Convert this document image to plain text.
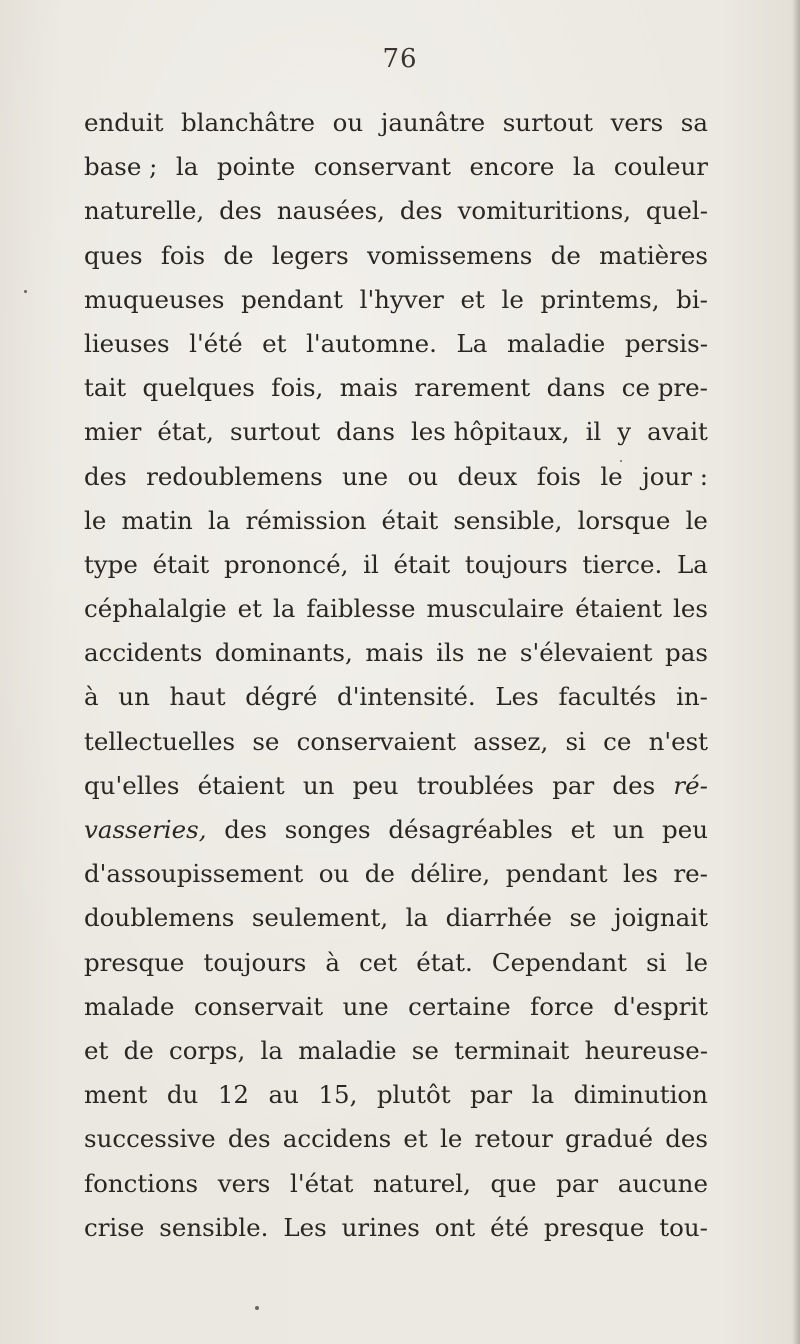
76
enduit blanchâtre ou jaunâtre surtout vers sa
base ; la pointe conservant encore la couleur
naturelle, des nausées, des vomituritions, quel-
ques fois de legers vomissemens de matières
muqueuses pendant l'hyver et le printems, bi-
lieuses l'été et l'automne. La maladie persis-
tait quelques fois, mais rarement dans ce pre-
mier état, surtout dans les hôpitaux, il y avait
des redoublemens une ou deux fois le jour :
le matin la rémission était sensible, lorsque le
type était prononcé, il était toujours tierce. La
céphalalgie et la faiblesse musculaire étaient les
accidents dominants, mais ils ne s'élevaient pas
à un haut dégré d'intensité. Les facultés in-
tellectuelles se conservaient assez, si ce n'est
qu'elles étaient un peu troublées par des ré-
vasseries, des songes désagréables et un peu
d'assoupissement ou de délire, pendant les re-
doublemens seulement, la diarrhée se joignait
presque toujours à cet état. Cependant si le
malade conservait une certaine force d'esprit
et de corps, la maladie se terminait heureuse-
ment du 12 au 15, plutôt par la diminution
successive des accidens et le retour gradué des
fonctions vers l'état naturel, que par aucune
crise sensible. Les urines ont été presque tou-
